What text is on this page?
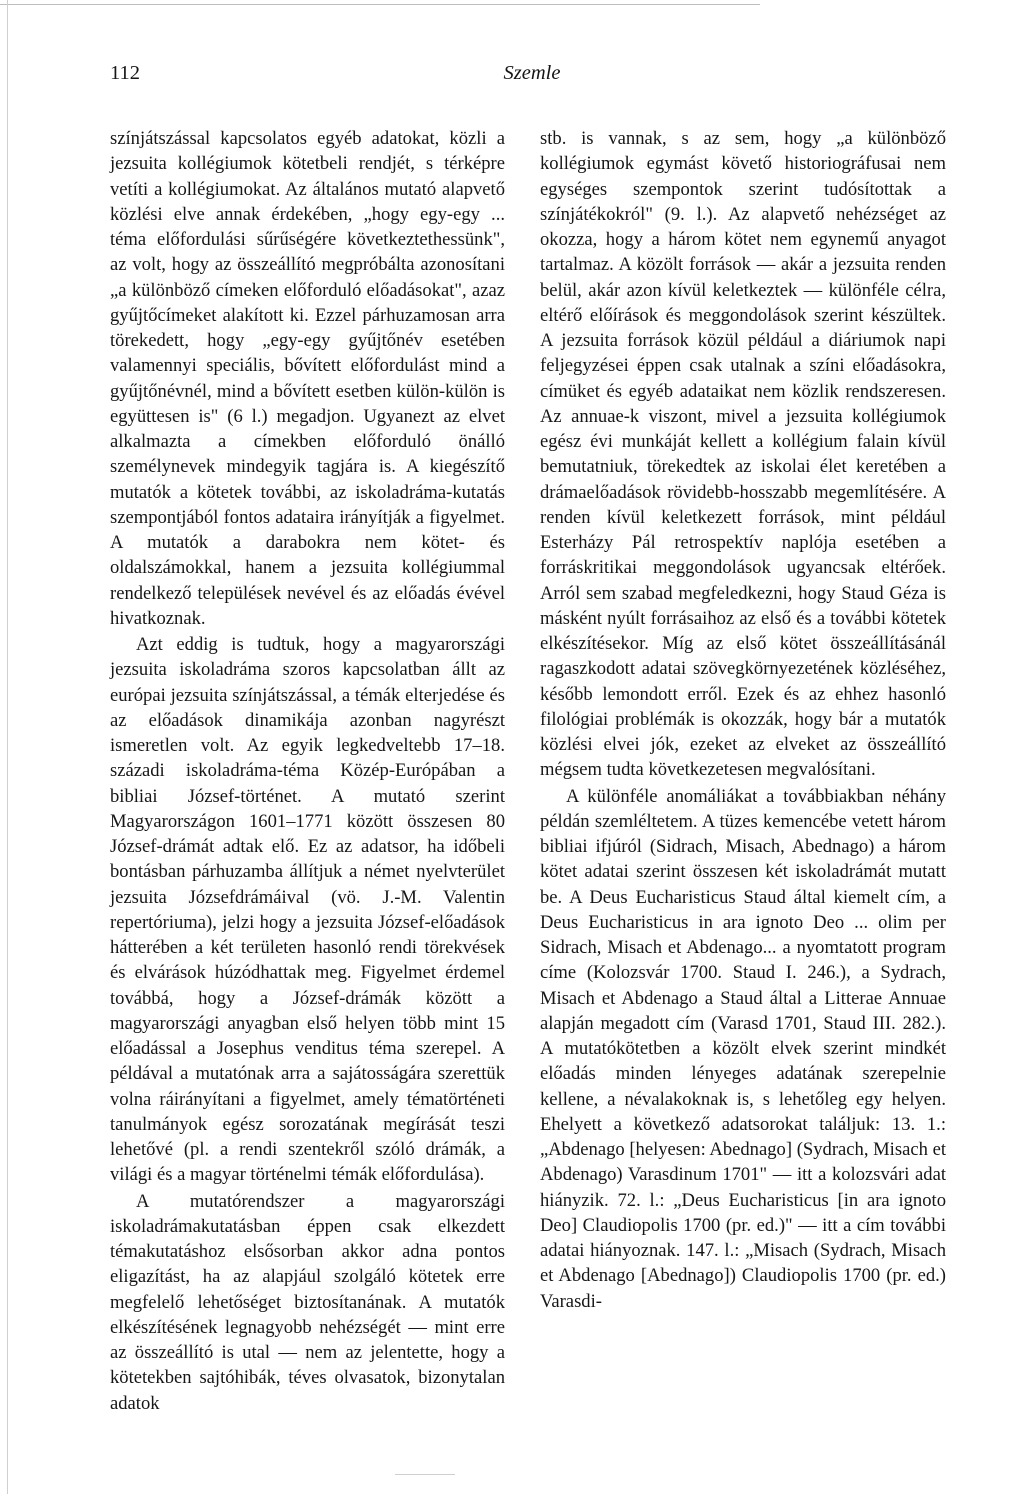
112	Szemle

színjátszással kapcsolatos egyéb adatokat, közli a jezsuita kollégiumok kötetbeli rendjét, s térképre vetíti a kollégiumokat. Az általános mutató alapvető közlési elve annak érdekében, „hogy egy-egy ... téma előfordulási sűrűségére következtethessünk", az volt, hogy az összeállító megpróbálta azonosítani „a különböző címeken előforduló előadásokat", azaz gyűjtőcímeket alakított ki. Ezzel párhuzamosan arra törekedett, hogy „egy-egy gyűjtőnév esetében valamennyi speciális, bővített előfordulást mind a gyűjtőnévnél, mind a bővített esetben külön-külön is együttesen is" (6 l.) megadjon. Ugyanezt az elvet alkalmazta a címekben előforduló önálló személynevek mindegyik tagjára is. A kiegészítő mutatók a kötetek további, az iskoladráma-kutatás szempontjából fontos adataira irányítják a figyelmet. A mutatók a darabokra nem kötet- és oldalszámokkal, hanem a jezsuita kollégiummal rendelkező települések nevével és az előadás évével hivatkoznak.

Azt eddig is tudtuk, hogy a magyarországi jezsuita iskoladráma szoros kapcsolatban állt az európai jezsuita színjátszással, a témák elterjedése és az előadások dinamikája azonban nagyrészt ismeretlen volt. Az egyik legkedveltebb 17–18. századi iskoladráma-téma Közép-Európában a bibliai József-történet. A mutató szerint Magyarországon 1601–1771 között összesen 80 József-drámát adtak elő. Ez az adatsor, ha időbeli bontásban párhuzamba állítjuk a német nyelvterület jezsuita Józsefdrámáival (vö. J.-M. Valentin repertóriuma), jelzi hogy a jezsuita József-előadások hátterében a két területen hasonló rendi törekvések és elvárások húzódhattak meg. Figyelmet érdemel továbbá, hogy a József-drámák között a magyarországi anyagban első helyen több mint 15 előadással a Josephus venditus téma szerepel. A példával a mutatónak arra a sajátosságára szerettük volna ráirányítani a figyelmet, amely tématörténeti tanulmányok egész sorozatának megírását teszi lehetővé (pl. a rendi szentekről szóló drámák, a világi és a magyar történelmi témák előfordulása).

A mutatórendszer a magyarországi iskoladrámakutatásban éppen csak elkezdett témakutatáshoz elsősorban akkor adna pontos eligazítást, ha az alapjául szolgáló kötetek erre megfelelő lehetőséget biztosítanának. A mutatók elkészítésének legnagyobb nehézségét — mint erre az összeállító is utal — nem az jelentette, hogy a kötetekben sajtóhibák, téves olvasatok, bizonytalan adatok

stb. is vannak, s az sem, hogy „a különböző kollégiumok egymást követő historiográfusai nem egységes szempontok szerint tudósítottak a színjátékokról" (9. l.). Az alapvető nehézséget az okozza, hogy a három kötet nem egynemű anyagot tartalmaz. A közölt források — akár a jezsuita renden belül, akár azon kívül keletkeztek — különféle célra, eltérő előírások és meggondolások szerint készültek. A jezsuita források közül például a diáriumok napi feljegyzései éppen csak utalnak a színi előadásokra, címüket és egyéb adataikat nem közlik rendszeresen. Az annuae-k viszont, mivel a jezsuita kollégiumok egész évi munkáját kellett a kollégium falain kívül bemutatniuk, törekedtek az iskolai élet keretében a drámaelőadások rövidebb-hosszabb megemlítésére. A renden kívül keletkezett források, mint például Esterházy Pál retrospektív naplója esetében a forráskritikai meggondolások ugyancsak eltérőek. Arról sem szabad megfeledkezni, hogy Staud Géza is másként nyúlt forrásaihoz az első és a további kötetek elkészítésekor. Míg az első kötet összeállításánál ragaszkodott adatai szövegkörnyezetének közléséhez, később lemondott erről. Ezek és az ehhez hasonló filológiai problémák is okozzák, hogy bár a mutatók közlési elvei jók, ezeket az elveket az összeállító mégsem tudta következetesen megvalósítani.

A különféle anomáliákat a továbbiakban néhány példán szemléltetem. A tüzes kemencébe vetett három bibliai ifjúról (Sidrach, Misach, Abednago) a három kötet adatai szerint összesen két iskoladrámát mutatt be. A Deus Eucharisticus Staud által kiemelt cím, a Deus Eucharisticus in ara ignoto Deo ... olim per Sidrach, Misach et Abdenago... a nyomtatott program címe (Kolozsvár 1700. Staud I. 246.), a Sydrach, Misach et Abdenago a Staud által a Litterae Annuae alapján megadott cím (Varasd 1701, Staud III. 282.). A mutatókötetben a közölt elvek szerint mindkét előadás minden lényeges adatának szerepelnie kellene, a névalakoknak is, s lehetőleg egy helyen. Ehelyett a következő adatsorokat találjuk: 13. 1.: „Abdenago [helyesen: Abednago] (Sydrach, Misach et Abdenago) Varasdinum 1701" — itt a kolozsvári adat hiányzik. 72. l.: „Deus Eucharisticus [in ara ignoto Deo] Claudiopolis 1700 (pr. ed.)" — itt a cím további adatai hiányoznak. 147. l.: „Misach (Sydrach, Misach et Abdenago [Abednago]) Claudiopolis 1700 (pr. ed.) Varasdi-
